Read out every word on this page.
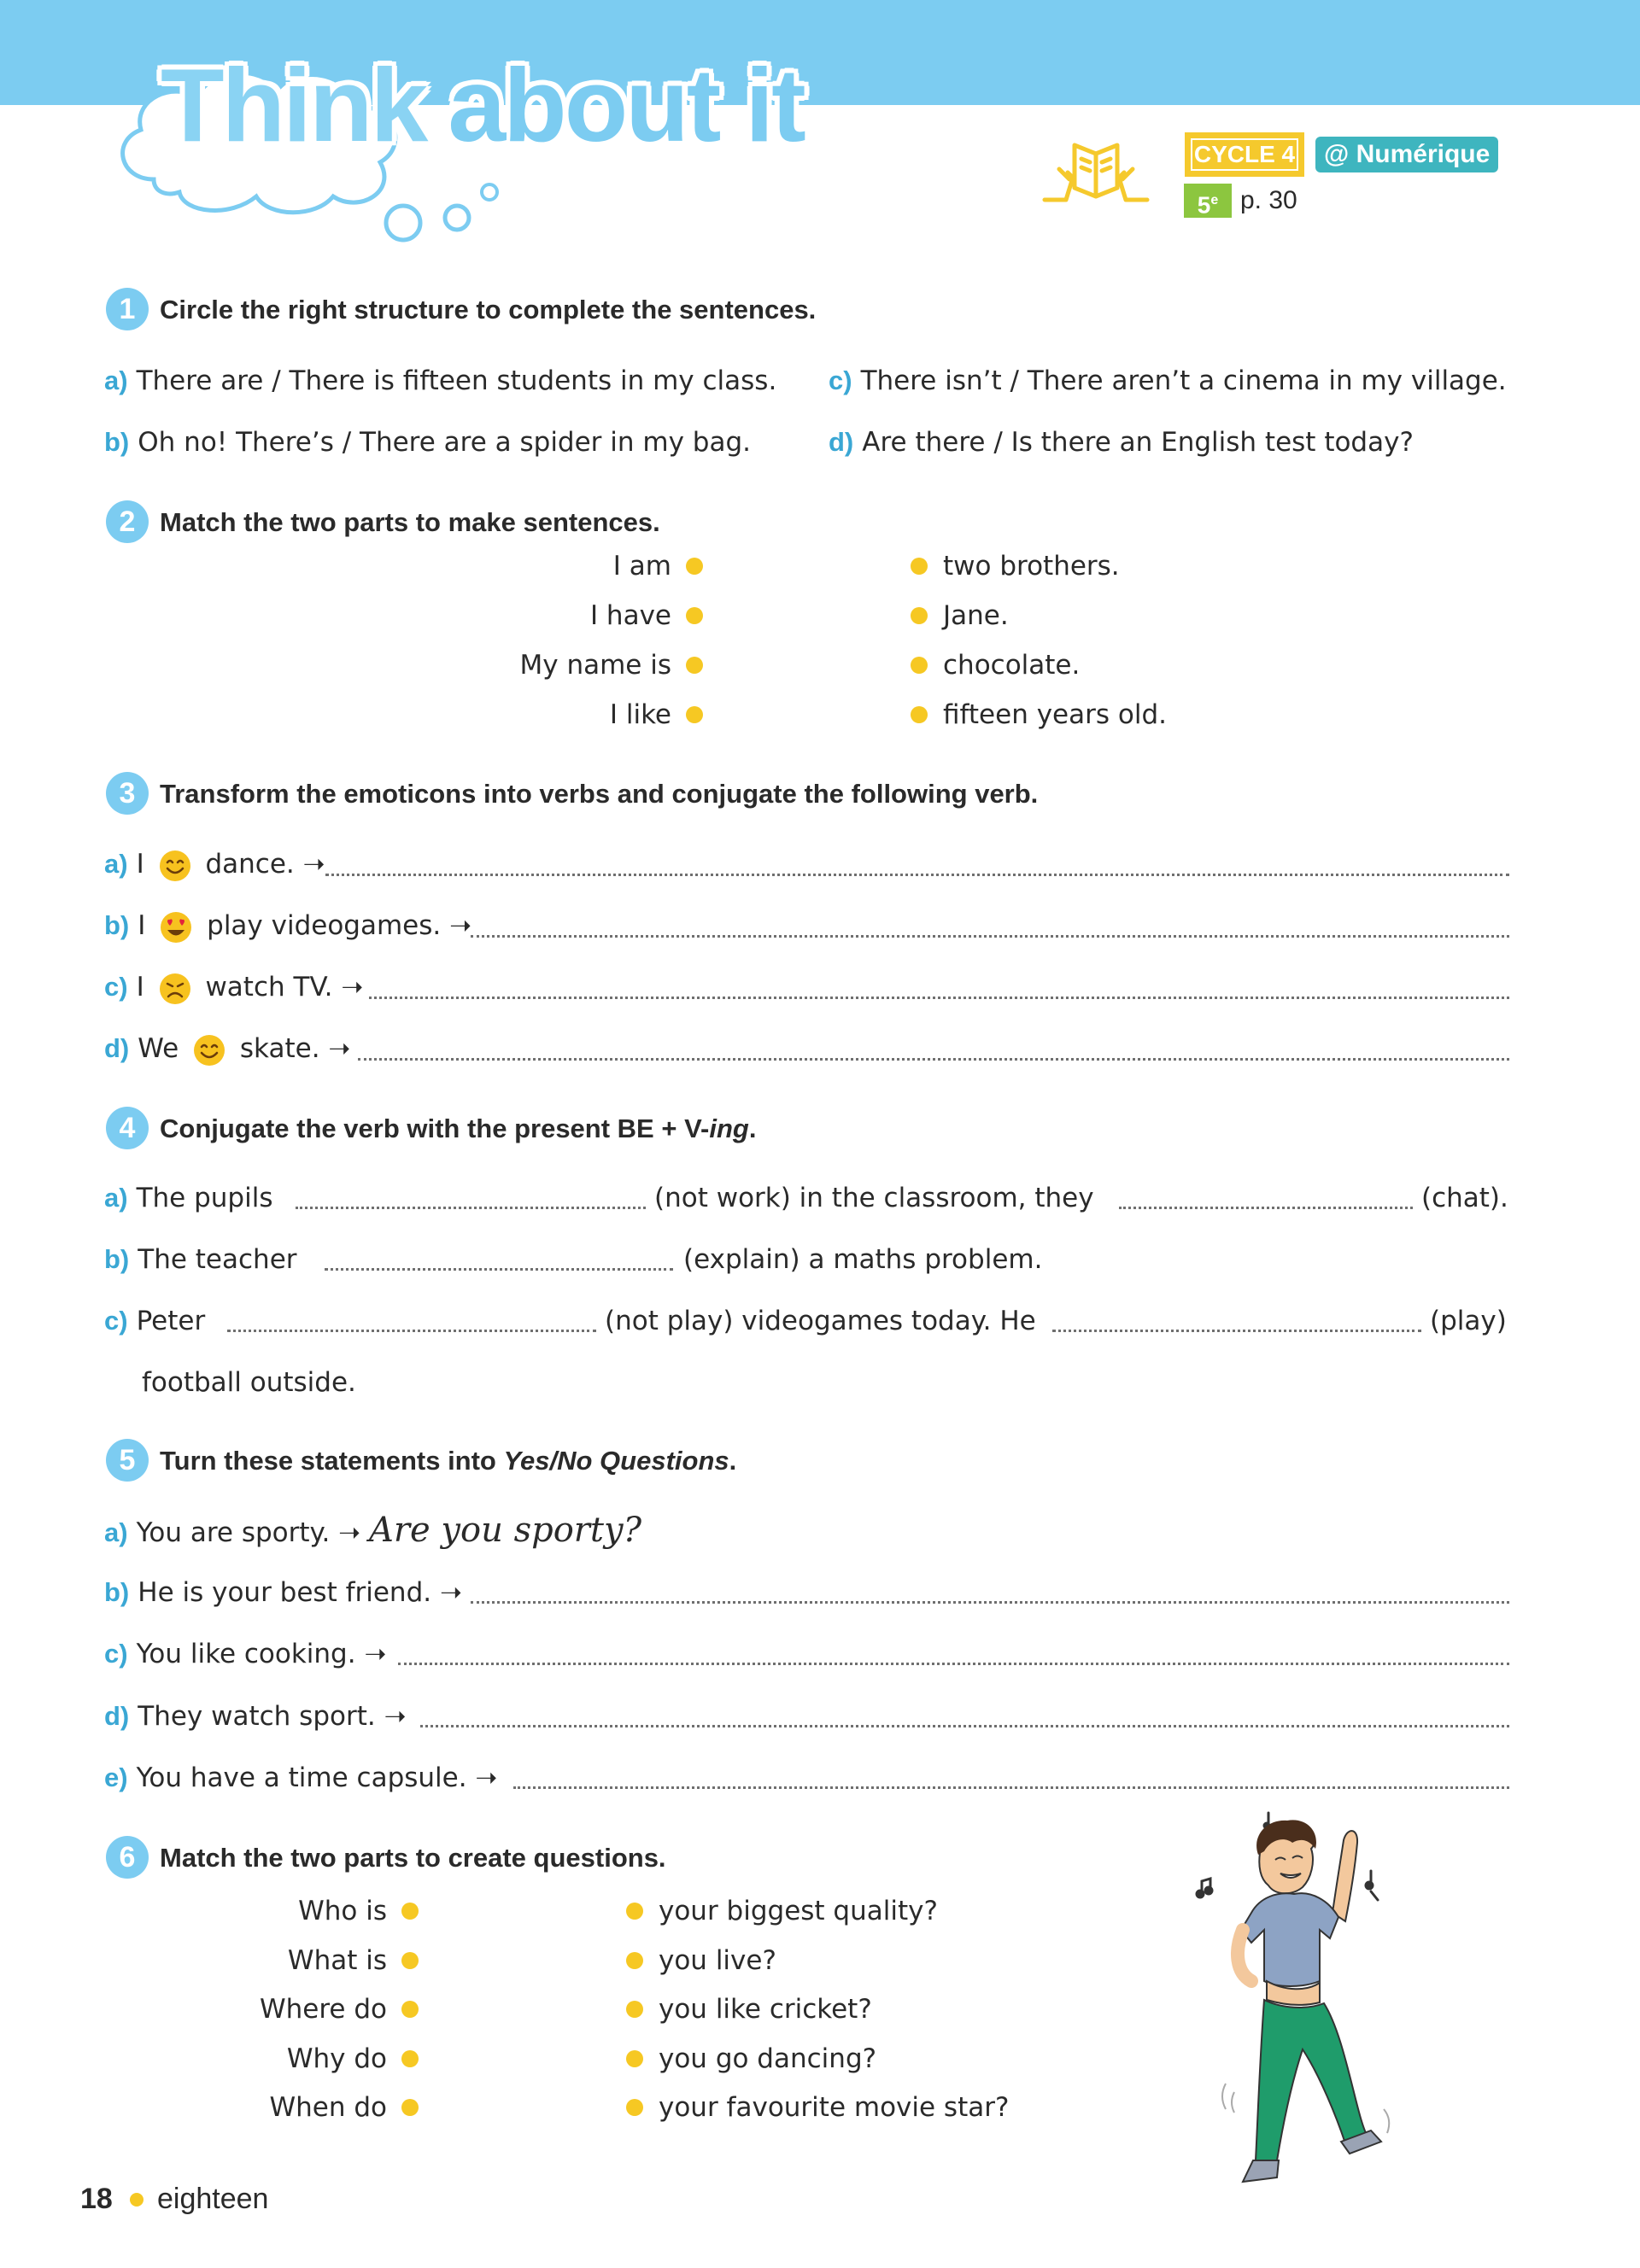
Think about it	CYCLE 4	@ Numérique
5e p. 30
1 Circle the right structure to complete the sentences.
a) There are / There is fifteen students in my class.
b) Oh no! There’s / There are a spider in my bag.
c) There isn’t / There aren’t a cinema in my village.
d) Are there / Is there an English test today?
2 Match the two parts to make sentences.
I am
I have
My name is
I like
two brothers.
Jane.
chocolate.
fifteen years old.
3 Transform the emoticons into verbs and conjugate the following verb.
a) I dance. ➝
b) I play videogames. ➝
c) I watch TV. ➝
d) We skate. ➝
4 Conjugate the verb with the present BE + V-ing.
a) The pupils	(not work) in the classroom, they	(chat).
b) The teacher	(explain) a maths problem.
c) Peter	(not play) videogames today. He	(play)
football outside.
5 Turn these statements into Yes/No Questions.
a) You are sporty. ➝ Are you sporty?
b) He is your best friend. ➝
c) You like cooking. ➝
d) They watch sport. ➝
e) You have a time capsule. ➝
6 Match the two parts to create questions.
Who is
What is
Where do
Why do
When do
your biggest quality?
you live?
you like cricket?
you go dancing?
your favourite movie star?
18 eighteen
